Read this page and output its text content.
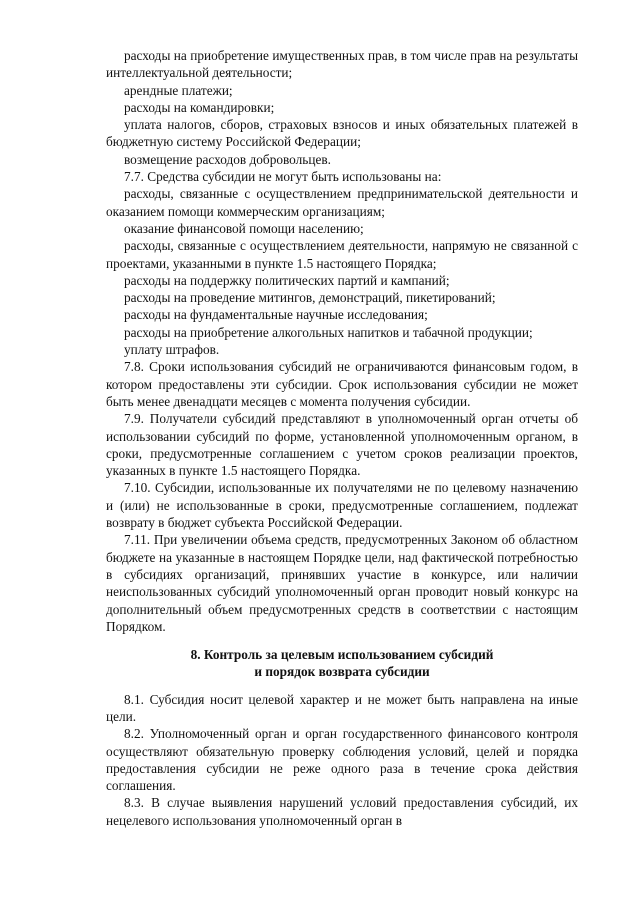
расходы на приобретение имущественных прав, в том числе прав на результаты интеллектуальной деятельности;

арендные платежи;

расходы на командировки;

уплата налогов, сборов, страховых взносов и иных обязательных платежей в бюджетную систему Российской Федерации;

возмещение расходов добровольцев.

7.7. Средства субсидии не могут быть использованы на:

расходы, связанные с осуществлением предпринимательской деятельности и оказанием помощи коммерческим организациям;

оказание финансовой помощи населению;

расходы, связанные с осуществлением деятельности, напрямую не связанной с проектами, указанными в пункте 1.5 настоящего Порядка;

расходы на поддержку политических партий и кампаний;

расходы на проведение митингов, демонстраций, пикетирований;

расходы на фундаментальные научные исследования;

расходы на приобретение алкогольных напитков и табачной продукции;

уплату штрафов.

7.8. Сроки использования субсидий не ограничиваются финансовым годом, в котором предоставлены эти субсидии. Срок использования субсидии не может быть менее двенадцати месяцев с момента получения субсидии.

7.9. Получатели субсидий представляют в уполномоченный орган отчеты об использовании субсидий по форме, установленной уполномоченным органом, в сроки, предусмотренные соглашением с учетом сроков реализации проектов, указанных в пункте 1.5 настоящего Порядка.

7.10. Субсидии, использованные их получателями не по целевому назначению и (или) не использованные в сроки, предусмотренные соглашением, подлежат возврату в бюджет субъекта Российской Федерации.

7.11. При увеличении объема средств, предусмотренных Законом об областном бюджете на указанные в настоящем Порядке цели, над фактической потребностью в субсидиях организаций, принявших участие в конкурсе, или наличии неиспользованных субсидий уполномоченный орган проводит новый конкурс на дополнительный объем предусмотренных средств в соответствии с настоящим Порядком.

8. Контроль за целевым использованием субсидий
и порядок возврата субсидии

8.1. Субсидия носит целевой характер и не может быть направлена на иные цели.

8.2. Уполномоченный орган и орган государственного финансового контроля осуществляют обязательную проверку соблюдения условий, целей и порядка предоставления субсидии не реже одного раза в течение срока действия соглашения.

8.3. В случае выявления нарушений условий предоставления субсидий, их нецелевого использования уполномоченный орган в
